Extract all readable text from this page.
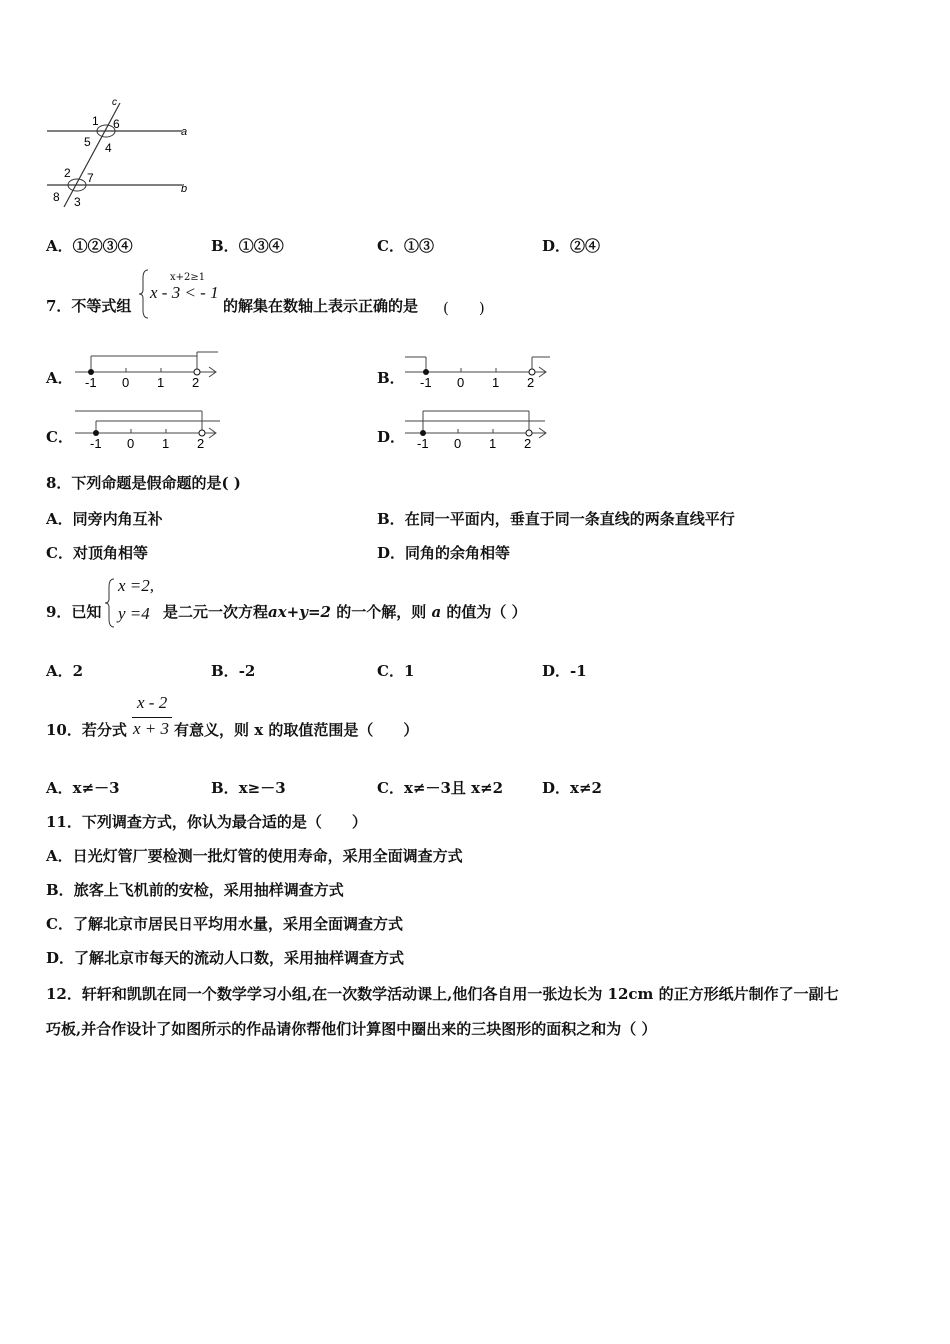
c
a
b
1 6
5 4
2 7
8 3
A．①②③④	B．①③④	C．①③	D．②④
7．不等式组
x+2≥1
x - 3 < - 1
的解集在数轴上表示正确的是 (　　)
A． -1 0 1 2	B． -1 0 1 2
C． -1 0 1 2	D． -1 0 1 2
8．下列命题是假命题的是( )
A．同旁内角互补	B．在同一平面内，垂直于同一条直线的两条直线平行
C．对顶角相等	D．同角的余角相等
9．已知
x =2,
y =4 是二元一次方程ax+y=2 的一个解，则 a 的值为（ ）
A．2	B．-2	C．1	D．-1
10．若分式
x - 2
x + 3 有意义，则 x 的取值范围是（　　）
A．x≠－3	B．x≥－3	C．x≠－3且 x≠2	D．x≠2
11．下列调查方式，你认为最合适的是（　　）
A．日光灯管厂要检测一批灯管的使用寿命，采用全面调查方式
B．旅客上飞机前的安检，采用抽样调查方式
C．了解北京市居民日平均用水量，采用全面调查方式
D．了解北京市每天的流动人口数，采用抽样调查方式
12．轩轩和凯凯在同一个数学学习小组,在一次数学活动课上,他们各自用一张边长为 12cm 的正方形纸片制作了一副七
巧板,并合作设计了如图所示的作品请你帮他们计算图中圈出来的三块图形的面积之和为（ ）
